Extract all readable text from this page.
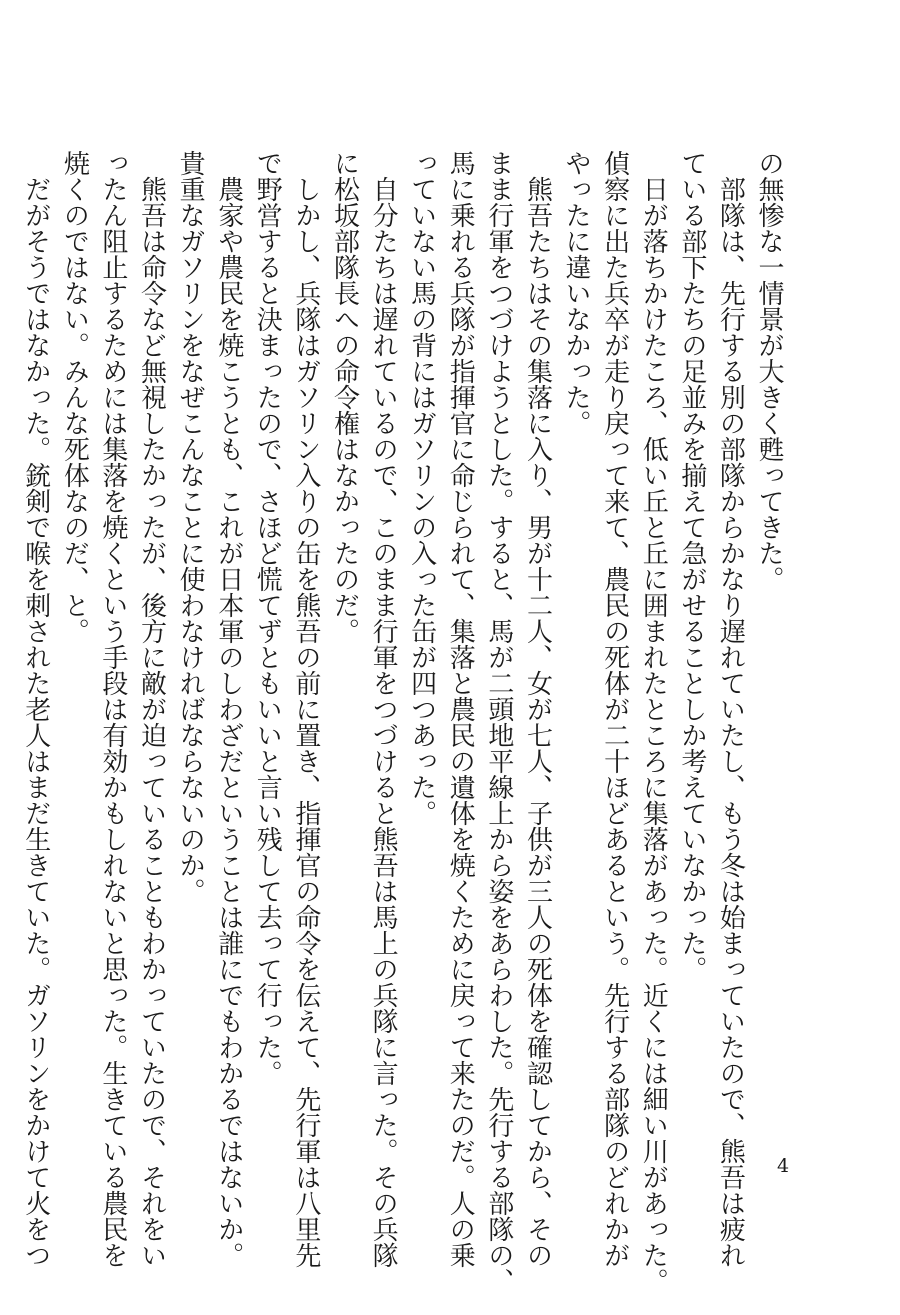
の無惨な一情景が大きく甦ってきた。

部隊は、先行する別の部隊からかなり遅れていたし、もう冬は始まっていたので、熊吾は疲れ

ている部下たちの足並みを揃えて急がせることしか考えていなかった。

日が落ちかけたころ、低い丘と丘に囲まれたところに集落があった。近くには細い川があった。

偵察に出た兵卒が走り戻って来て、農民の死体が二十ほどあるという。先行する部隊のどれかが

やったに違いなかった。

熊吾たちはその集落に入り、男が十二人、女が七人、子供が三人の死体を確認してから、その

まま行軍をつづけようとした。すると、馬が二頭地平線上から姿をあらわした。先行する部隊の、

馬に乗れる兵隊が指揮官に命じられて、集落と農民の遺体を焼くために戻って来たのだ。人の乗

っていない馬の背にはガソリンの入った缶が四つあった。

自分たちは遅れているので、このまま行軍をつづけると熊吾は馬上の兵隊に言った。その兵隊

に松坂部隊長への命令権はなかったのだ。

しかし、兵隊はガソリン入りの缶を熊吾の前に置き、指揮官の命令を伝えて、先行軍は八里先

で野営すると決まったので、さほど慌てずともいいと言い残して去って行った。

農家や農民を焼こうとも、これが日本軍のしわざだということは誰にでもわかるではないか。

貴重なガソリンをなぜこんなことに使わなければならないのか。

熊吾は命令など無視したかったが、後方に敵が迫っていることもわかっていたので、それをい

ったん阻止するためには集落を焼くという手段は有効かもしれないと思った。生きている農民を

焼くのではない。みんな死体なのだ、と。

だがそうではなかった。銃剣で喉を刺された老人はまだ生きていた。ガソリンをかけて火をつ	4
